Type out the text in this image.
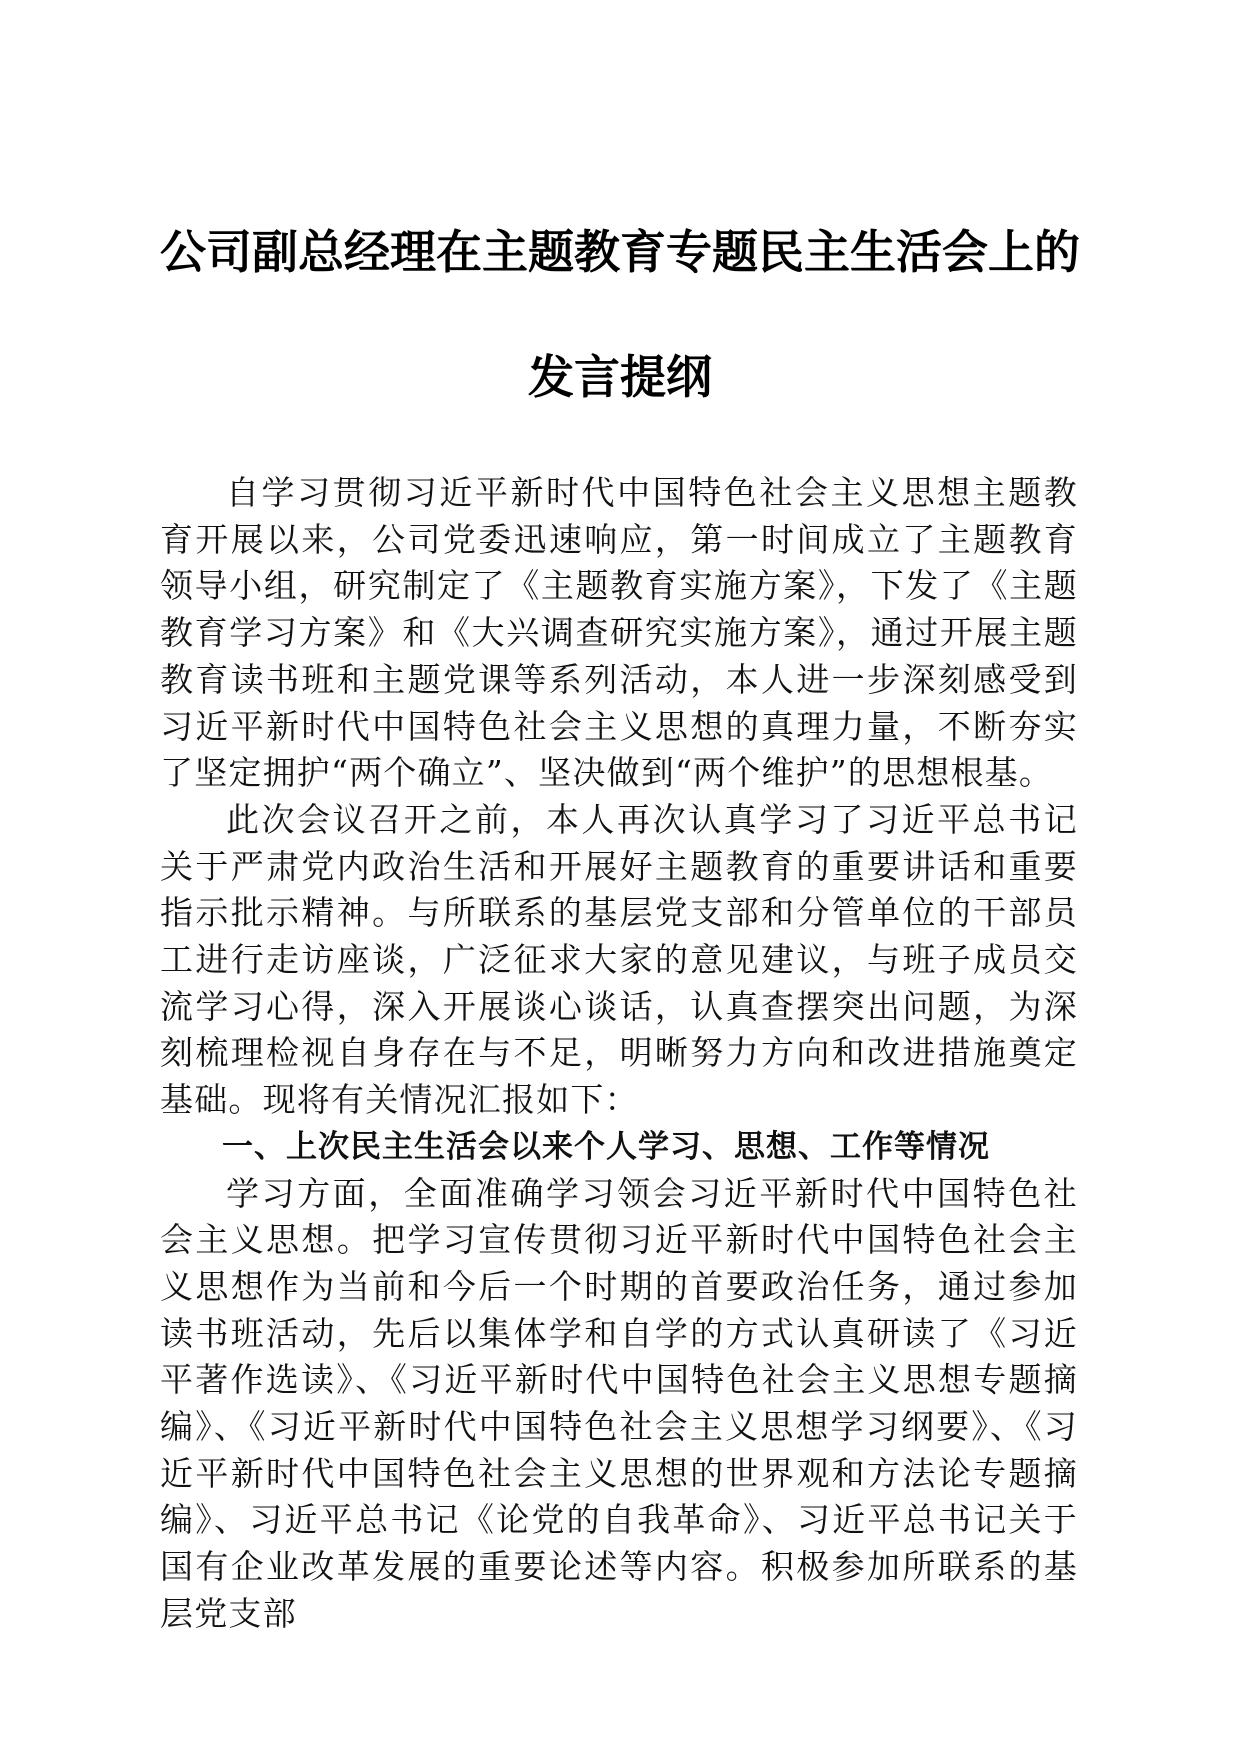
公司副总经理在主题教育专题民主生活会上的
发言提纲

自学习贯彻习近平新时代中国特色社会主义思想主题教育开展以来，公司党委迅速响应，第一时间成立了主题教育领导小组，研究制定了《主题教育实施方案》，下发了《主题教育学习方案》和《大兴调查研究实施方案》，通过开展主题教育读书班和主题党课等系列活动，本人进一步深刻感受到习近平新时代中国特色社会主义思想的真理力量，不断夯实了坚定拥护“两个确立”、坚决做到“两个维护”的思想根基。

此次会议召开之前，本人再次认真学习了习近平总书记关于严肃党内政治生活和开展好主题教育的重要讲话和重要指示批示精神。与所联系的基层党支部和分管单位的干部员工进行走访座谈，广泛征求大家的意见建议，与班子成员交流学习心得，深入开展谈心谈话，认真查摆突出问题，为深刻梳理检视自身存在与不足，明晰努力方向和改进措施奠定基础。现将有关情况汇报如下：

一、上次民主生活会以来个人学习、思想、工作等情况

学习方面，全面准确学习领会习近平新时代中国特色社会主义思想。把学习宣传贯彻习近平新时代中国特色社会主义思想作为当前和今后一个时期的首要政治任务，通过参加读书班活动，先后以集体学和自学的方式认真研读了《习近平著作选读》、《习近平新时代中国特色社会主义思想专题摘编》、《习近平新时代中国特色社会主义思想学习纲要》、《习近平新时代中国特色社会主义思想的世界观和方法论专题摘编》、习近平总书记《论党的自我革命》、习近平总书记关于国有企业改革发展的重要论述等内容。积极参加所联系的基层党支部
